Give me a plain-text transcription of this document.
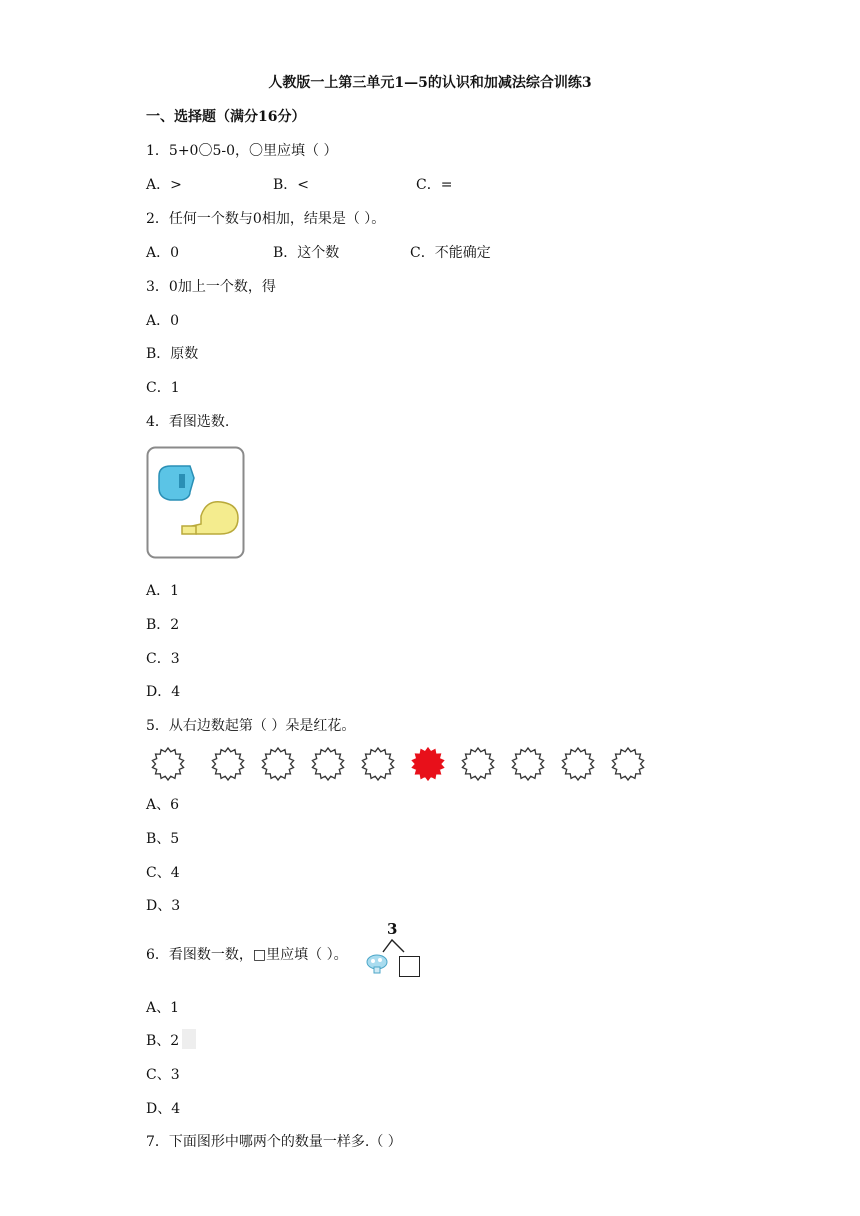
人教版一上第三单元1—5的认识和加减法综合训练3
一、选择题（满分16分）
1．5+0〇5-0，〇里应填（ ）
A．>	B．<	C．=
2．任何一个数与0相加，结果是（ ）。
A．0	B．这个数	C．不能确定
3．0加上一个数，得
A．0
B．原数
C．1
4．看图选数.
A．1
B．2
C．3
D．4
5．从右边数起第（ ）朵是红花。
A、6
B、5
C、4
D、3
6．看图数一数，□里应填（ ）。
3
A、1
B、2
C、3
D、4
7．下面图形中哪两个的数量一样多.（ ）
